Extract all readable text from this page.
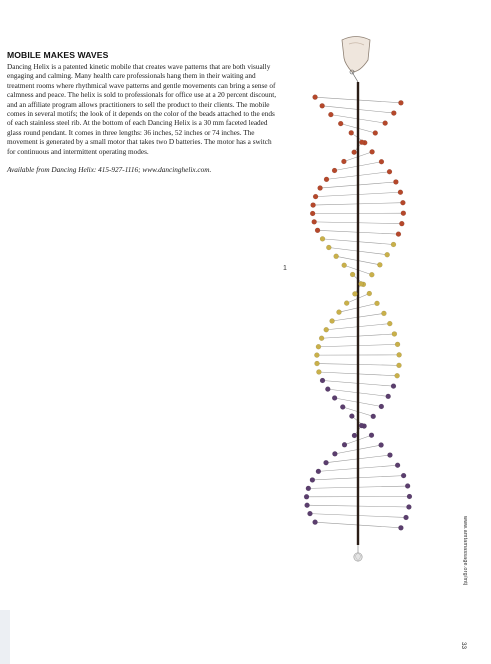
MOBILE MAKES WAVES

Dancing Helix is a patented kinetic mobile that creates wave patterns that are both visually engaging and calming. Many health care professionals hang them in their waiting and treatment rooms where rhythmical wave patterns and gentle movements can bring a sense of calmness and peace. The helix is sold to professionals for office use at a 20 percent discount, and an affiliate program allows practitioners to sell the product to their clients. The mobile comes in several motifs; the look of it depends on the color of the beads attached to the ends of each stainless steel rib. At the bottom of each Dancing Helix is a 30 mm faceted leaded glass round pendant. It comes in three lengths: 36 inches, 52 inches or 74 inches. The movement is generated by a small motor that takes two D batteries. The motor has a switch for continuous and intermittent operating modes.

Available from Dancing Helix: 415-927-1116; www.dancinghelix.com.

1
www.amtamassage.org/mtj
33
